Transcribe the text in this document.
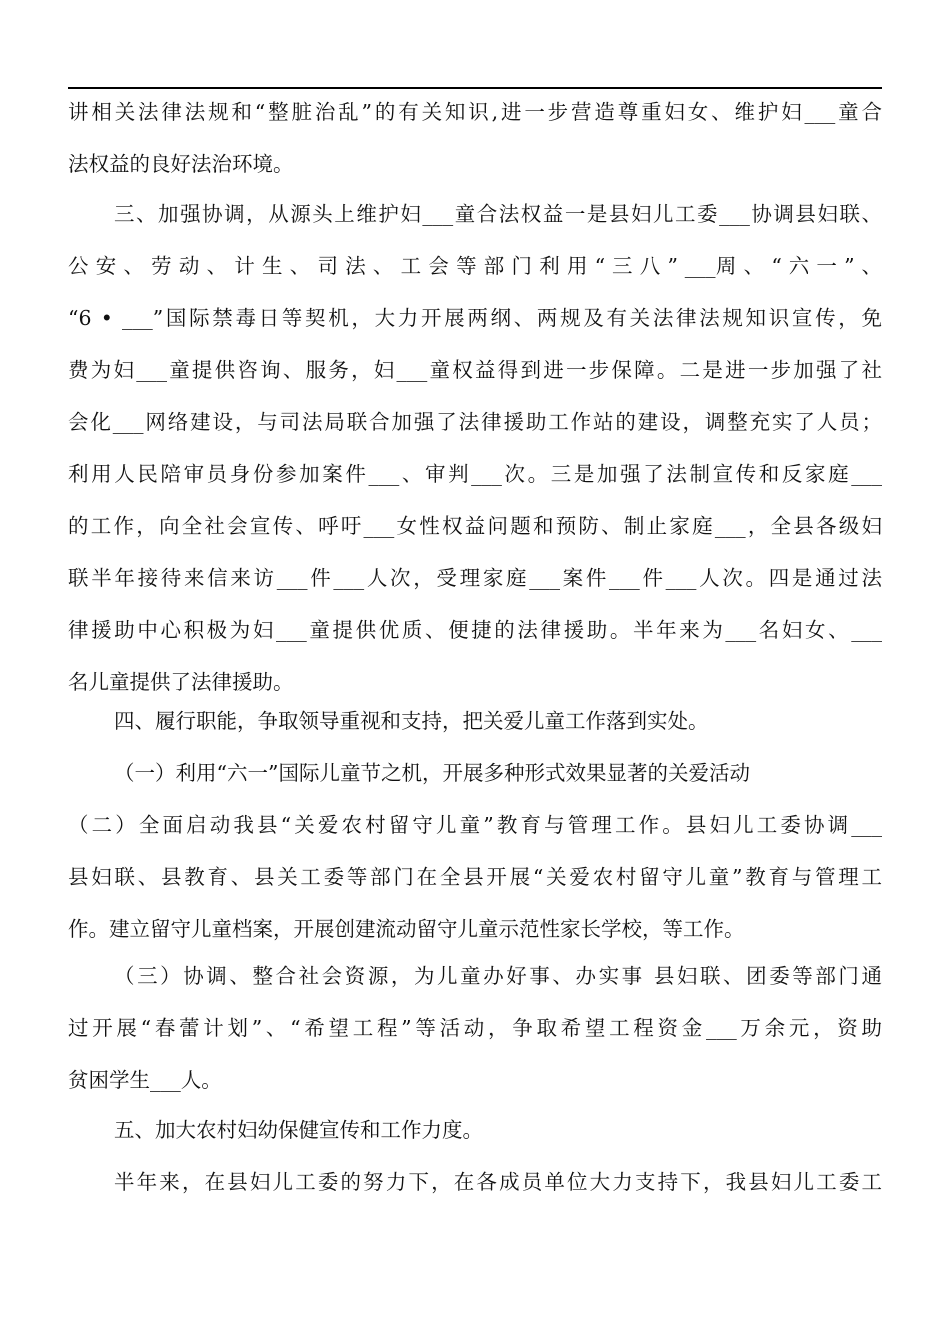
讲相关法律法规和“整脏治乱”的有关知识,进一步营造尊重妇女、维护妇___童合
法权益的良好法治环境。
三、加强协调，从源头上维护妇___童合法权益一是县妇儿工委___协调县妇联、
公 安 、 劳 动 、 计 生 、 司 法 、 工 会 等 部 门 利 用 “ 三 八 ” ___周 、 “ 六 一 ” 、
“6 • ___”国际禁毒日等契机，大力开展两纲、两规及有关法律法规知识宣传，免
费为妇___童提供咨询、服务，妇___童权益得到进一步保障。二是进一步加强了社
会化___网络建设，与司法局联合加强了法律援助工作站的建设，调整充实了人员；
利用人民陪审员身份参加案件___、审判___次。三是加强了法制宣传和反家庭___
的工作，向全社会宣传、呼吁___女性权益问题和预防、制止家庭___，全县各级妇
联半年接待来信来访___件___人次，受理家庭___案件___件___人次。四是通过法
律援助中心积极为妇___童提供优质、便捷的法律援助。半年来为___名妇女、___
名儿童提供了法律援助。
四、履行职能，争取领导重视和支持，把关爱儿童工作落到实处。
（一）利用“六一”国际儿童节之机，开展多种形式效果显著的关爱活动
（二）全面启动我县“关爱农村留守儿童”教育与管理工作。县妇儿工委协调___
县妇联、县教育、县关工委等部门在全县开展“关爱农村留守儿童”教育与管理工
作。建立留守儿童档案，开展创建流动留守儿童示范性家长学校，等工作。
（三）协调、整合社会资源，为儿童办好事、办实事 县妇联、团委等部门通
过开展“春蕾计划”、“希望工程”等活动，争取希望工程资金___万余元，资助
贫困学生___人。
五、加大农村妇幼保健宣传和工作力度。
半年来，在县妇儿工委的努力下，在各成员单位大力支持下，我县妇儿工委工
